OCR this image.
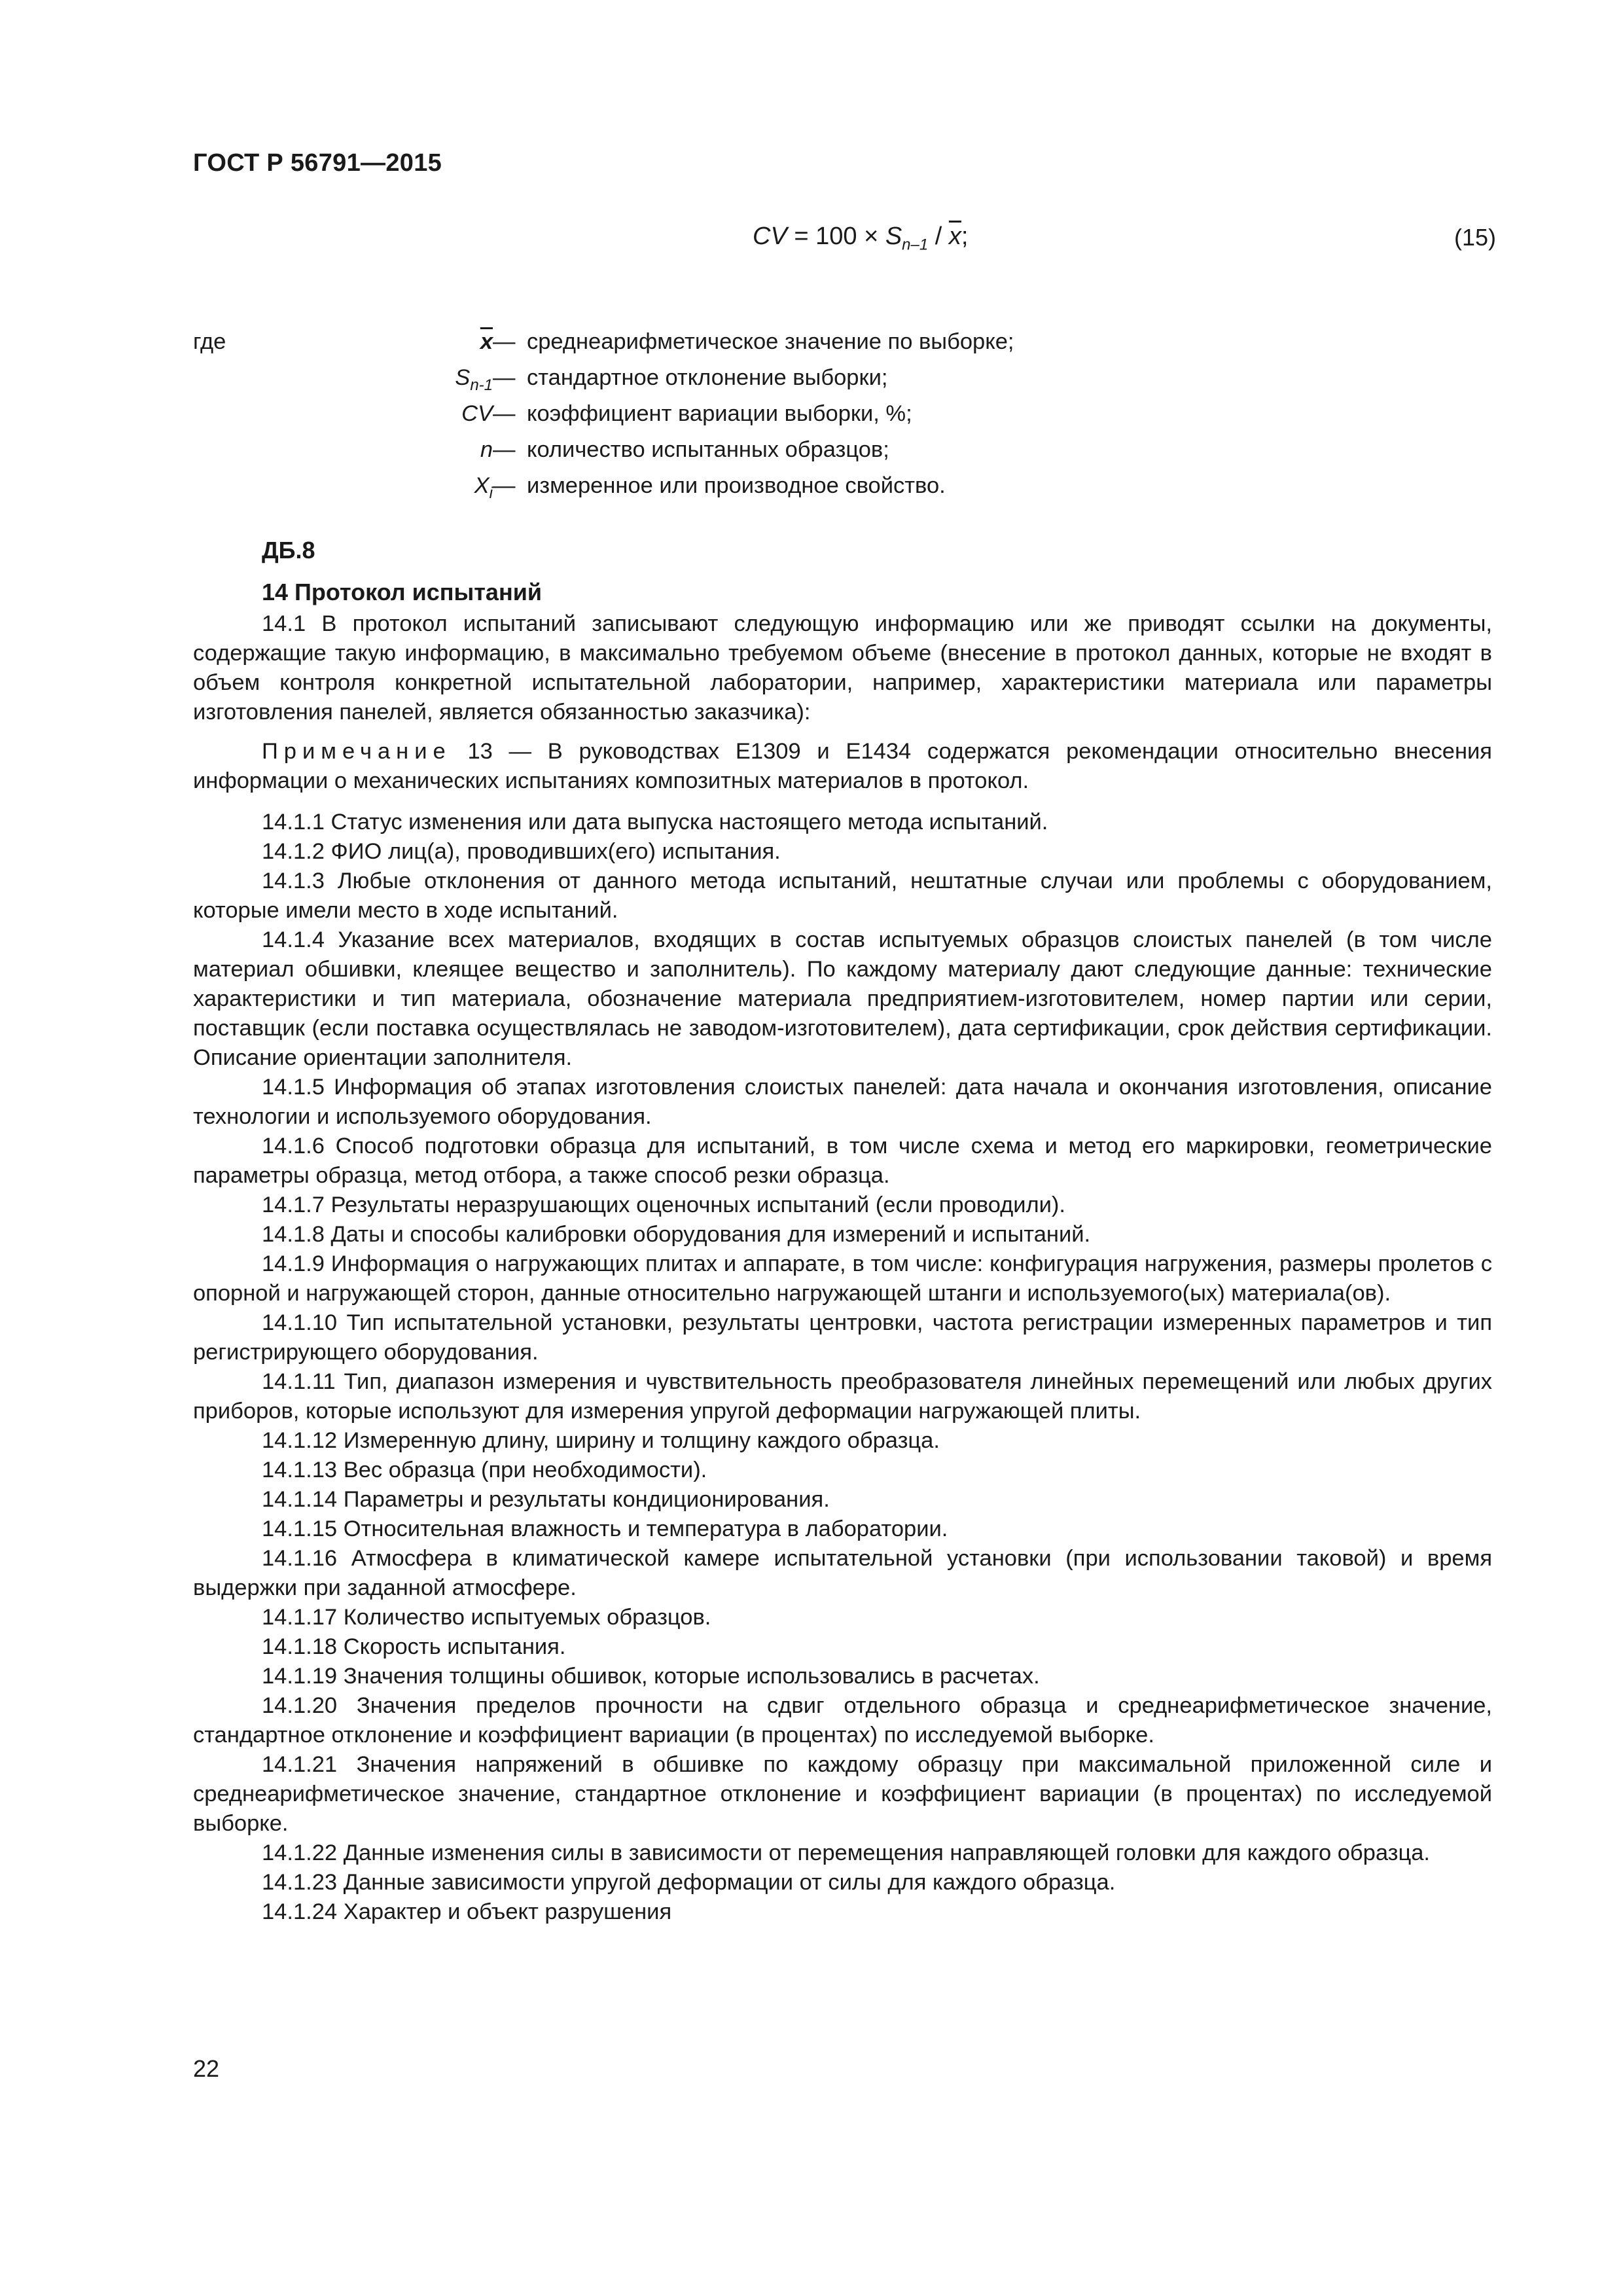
ГОСТ Р 56791—2015
CV = $100 \times S_{n-1} / \overline{x}$;	(15)
где	$\overline{x}$ — среднеарифметическое значение по выборке;
$S_{n-1}$ — стандартное отклонение выборки;
CV — коэффициент вариации выборки, %;
n — количество испытанных образцов;
$X_i$ — измеренное или производное свойство.
ДБ.8
14 Протокол испытаний

14.1 В протокол испытаний записывают следующую информацию или же приводят ссылки на документы, содержащие такую информацию, в максимально требуемом объеме (внесение в протокол данных, которые не входят в объем контроля конкретной испытательной лаборатории, например, характеристики материала или параметры изготовления панелей, является обязанностью заказчика):

Примечание 13 — В руководствах Е1309 и Е1434 содержатся рекомендации относительно внесения информации о механических испытаниях композитных материалов в протокол.

14.1.1 Статус изменения или дата выпуска настоящего метода испытаний.

14.1.2 ФИО лиц(а), проводивших(его) испытания.

14.1.3 Любые отклонения от данного метода испытаний, нештатные случаи или проблемы с оборудованием, которые имели место в ходе испытаний.

14.1.4 Указание всех материалов, входящих в состав испытуемых образцов слоистых панелей (в том числе материал обшивки, клеящее вещество и заполнитель). По каждому материалу дают следующие данные: технические характеристики и тип материала, обозначение материала предприятием-изготовителем, номер партии или серии, поставщик (если поставка осуществлялась не заводом-изготовителем), дата сертификации, срок действия сертификации. Описание ориентации заполнителя.

14.1.5 Информация об этапах изготовления слоистых панелей: дата начала и окончания изготовления, описание технологии и используемого оборудования.

14.1.6 Способ подготовки образца для испытаний, в том числе схема и метод его маркировки, геометрические параметры образца, метод отбора, а также способ резки образца.

14.1.7 Результаты неразрушающих оценочных испытаний (если проводили).

14.1.8 Даты и способы калибровки оборудования для измерений и испытаний.

14.1.9 Информация о нагружающих плитах и аппарате, в том числе: конфигурация нагружения, размеры пролетов с опорной и нагружающей сторон, данные относительно нагружающей штанги и используемого(ых) материала(ов).

14.1.10 Тип испытательной установки, результаты центровки, частота регистрации измеренных параметров и тип регистрирующего оборудования.

14.1.11 Тип, диапазон измерения и чувствительность преобразователя линейных перемещений или любых других приборов, которые используют для измерения упругой деформации нагружающей плиты.

14.1.12 Измеренную длину, ширину и толщину каждого образца.

14.1.13 Вес образца (при необходимости).

14.1.14 Параметры и результаты кондиционирования.

14.1.15 Относительная влажность и температура в лаборатории.

14.1.16 Атмосфера в климатической камере испытательной установки (при использовании таковой) и время выдержки при заданной атмосфере.

14.1.17 Количество испытуемых образцов.

14.1.18 Скорость испытания.

14.1.19 Значения толщины обшивок, которые использовались в расчетах.

14.1.20 Значения пределов прочности на сдвиг отдельного образца и среднеарифметическое значение, стандартное отклонение и коэффициент вариации (в процентах) по исследуемой выборке.

14.1.21 Значения напряжений в обшивке по каждому образцу при максимальной приложенной силе и среднеарифметическое значение, стандартное отклонение и коэффициент вариации (в процентах) по исследуемой выборке.

14.1.22 Данные изменения силы в зависимости от перемещения направляющей головки для каждого образца.

14.1.23 Данные зависимости упругой деформации от силы для каждого образца.

14.1.24 Характер и объект разрушения

22
